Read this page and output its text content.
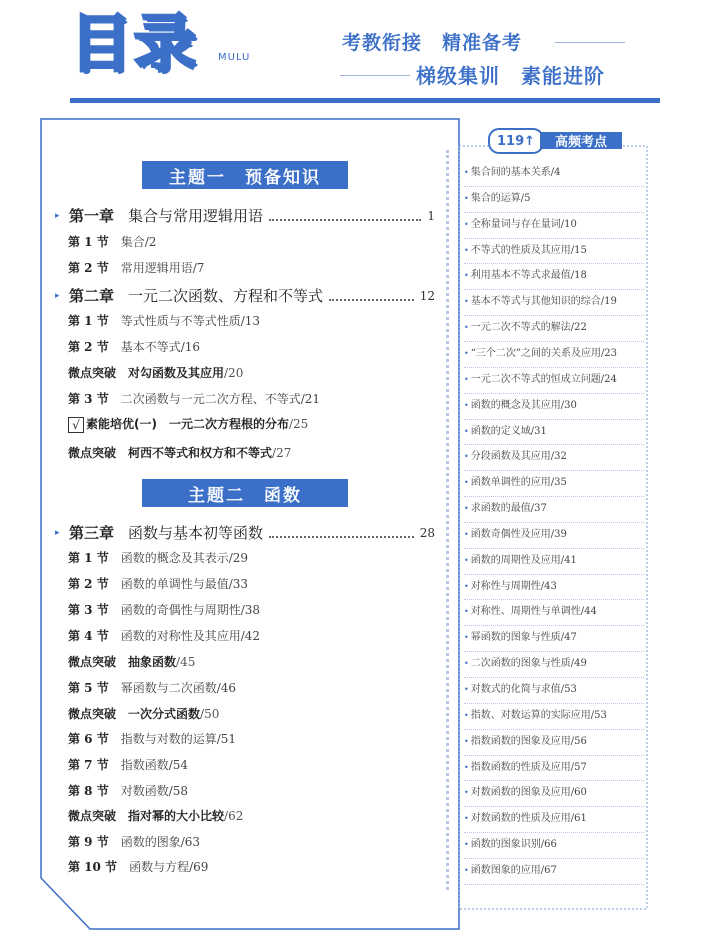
目录 MULU
考教衔接　精准备考
梯级集训　素能进阶
主题一　预备知识
主题二　函数
▸ 第一章 集合与常用逻辑用语	1
第 1 节 集合/2
第 2 节 常用逻辑用语/7
▸ 第二章 一元二次函数、方程和不等式	12
第 1 节 等式性质与不等式性质/13
第 2 节 基本不等式/16
微点突破 对勾函数及其应用/20
第 3 节 二次函数与一元二次方程、不等式/21
√ 素能培优(一) 一元二次方程根的分布/25
微点突破 柯西不等式和权方和不等式/27
▸ 第三章 函数与基本初等函数	28
第 1 节 函数的概念及其表示/29
第 2 节 函数的单调性与最值/33
第 3 节 函数的奇偶性与周期性/38
第 4 节 函数的对称性及其应用/42
微点突破 抽象函数/45
第 5 节 幂函数与二次函数/46
微点突破 一次分式函数/50
第 6 节 指数与对数的运算/51
第 7 节 指数函数/54
第 8 节 对数函数/58
微点突破 指对幂的大小比较/62
第 9 节 函数的图象/63
第 10 节 函数与方程/69
119↑	高频考点
• 集合间的基本关系/4
• 集合的运算/5
• 全称量词与存在量词/10
• 不等式的性质及其应用/15
• 利用基本不等式求最值/18
• 基本不等式与其他知识的综合/19
• 一元二次不等式的解法/22
• “三个二次”之间的关系及应用/23
• 一元二次不等式的恒成立问题/24
• 函数的概念及其应用/30
• 函数的定义域/31
• 分段函数及其应用/32
• 函数单调性的应用/35
• 求函数的最值/37
• 函数奇偶性及应用/39
• 函数的周期性及应用/41
• 对称性与周期性/43
• 对称性、周期性与单调性/44
• 幂函数的图象与性质/47
• 二次函数的图象与性质/49
• 对数式的化简与求值/53
• 指数、对数运算的实际应用/53
• 指数函数的图象及应用/56
• 指数函数的性质及应用/57
• 对数函数的图象及应用/60
• 对数函数的性质及应用/61
• 函数的图象识别/66
• 函数图象的应用/67
